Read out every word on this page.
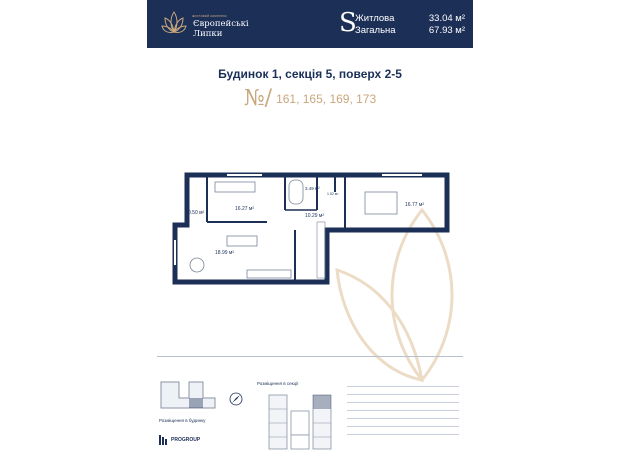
житловий комплекс
Європейські
Липки	S
Житлова	33.04 м²
Загальна	67.93 м²
Будинок 1, секція 5, поверх 2-5
№/ 161, 165, 169, 173
16.27 м²
0.50 м²
18.99 м²
3.49 м²
1.52 м²
10.29 м²
16.77 м²
Розміщення в будинку
Розміщення в секції
PROGROUP
